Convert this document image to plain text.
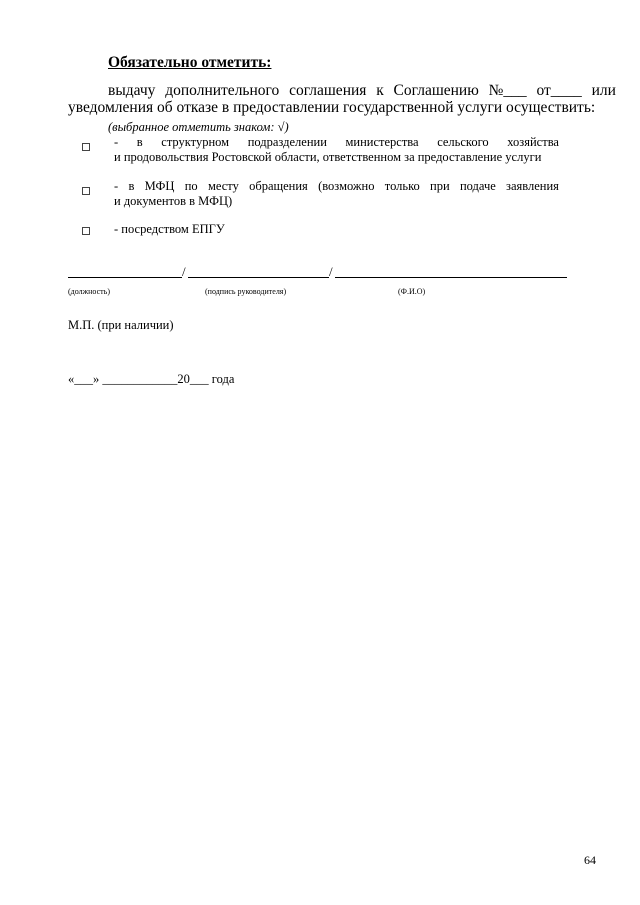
Обязательно отметить:
выдачу дополнительного соглашения к Соглашению №___ от____ или
уведомления об отказе в предоставлении государственной услуги осуществить:
(выбранное отметить знаком: √)
- в структурном подразделении министерства сельского хозяйства
и продовольствия Ростовской области, ответственном за предоставление услуги
- в МФЦ по месту обращения (возможно только при подаче заявления
и документов в МФЦ)
- посредством ЕПГУ
/	/
(должность)	(подпись руководителя)	(Ф.И.О)
М.П. (при наличии)
«___» ____________20___ года
64
